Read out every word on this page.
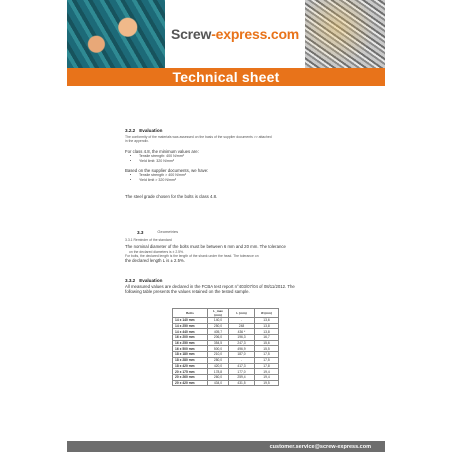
Screw -express.com
Technical sheet
3.2.2 Evaluation
The conformity of the materials was assessed on the basis of the supplier documents >> attached
in the appendix.
For class 4.8, the minimum values are:
• Tensile strength: 400 N/mm²
• Yield limit: 320 N/mm²
Based on the supplier documents, we have:
• Tensile strength > 400 N/mm²
• Yield limit > 320 N/mm²
The steel grade chosen for the bolts is class 4.8.
3.3	Geometries
3.3.1 Reminder of the standard
The nominal diameter of the bolts must be between 6 mm and 20 mm. The tolerance
on the declared diameters is ± 2.5%.
For bolts, the declared length is the length of the shank under the head. The tolerance on
the declared length L is ± 2.5%.
3.3.2 Evaluation
All measured values are declared in the FCBA test report n°403/07/04 of 08/11/2012. The
following table presents the values retained on the tested sample.
Bolts	L_max (mm)	L (mm)	Ø (mm)
14 x 140 mm	140,0	-	13,6
14 x 250 mm	250,0	248	13,8
14 x 440 mm	405,7	436 *	13,8
16 x 200 mm	206,0	196,3	16,7
16 x 250 mm	354,5	247,3	15,6
16 x 500 mm	500,0	496,9	15,5
18 x 180 mm	210,0	187,0	17,5
18 x 280 mm	280,0	-	17,5
18 x 420 mm	420,0	417,3	17,8
20 x 175 mm	178,8	177,0	19,4
20 x 260 mm	260,0	259,4	19,4
20 x 420 mm	434,0	431,5	19,5
customer.service@screw-express.com
